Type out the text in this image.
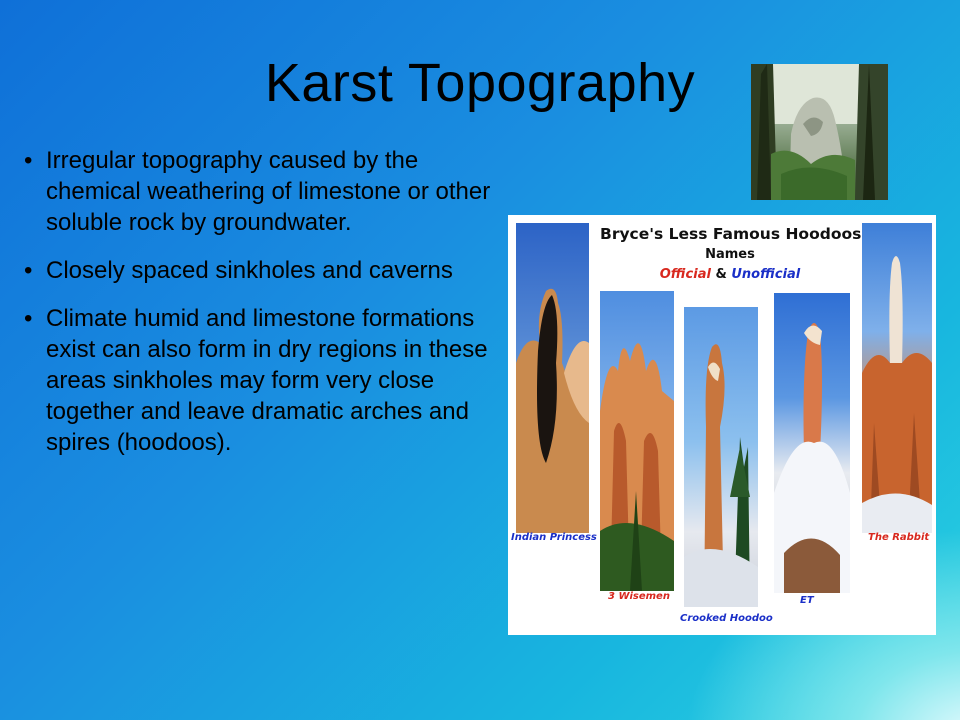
Karst Topography
• Irregular topography caused by the chemical weathering of limestone or other soluble rock by groundwater.
• Closely spaced sinkholes and caverns
• Climate humid and limestone formations exist can also form in dry regions in these areas sinkholes may form very close together and leave dramatic arches and spires (hoodoos).
Bryce's Less Famous Hoodoos
Names
Official & Unofficial
Indian Princess
3 Wisemen
Crooked Hoodoo
ET
The Rabbit
